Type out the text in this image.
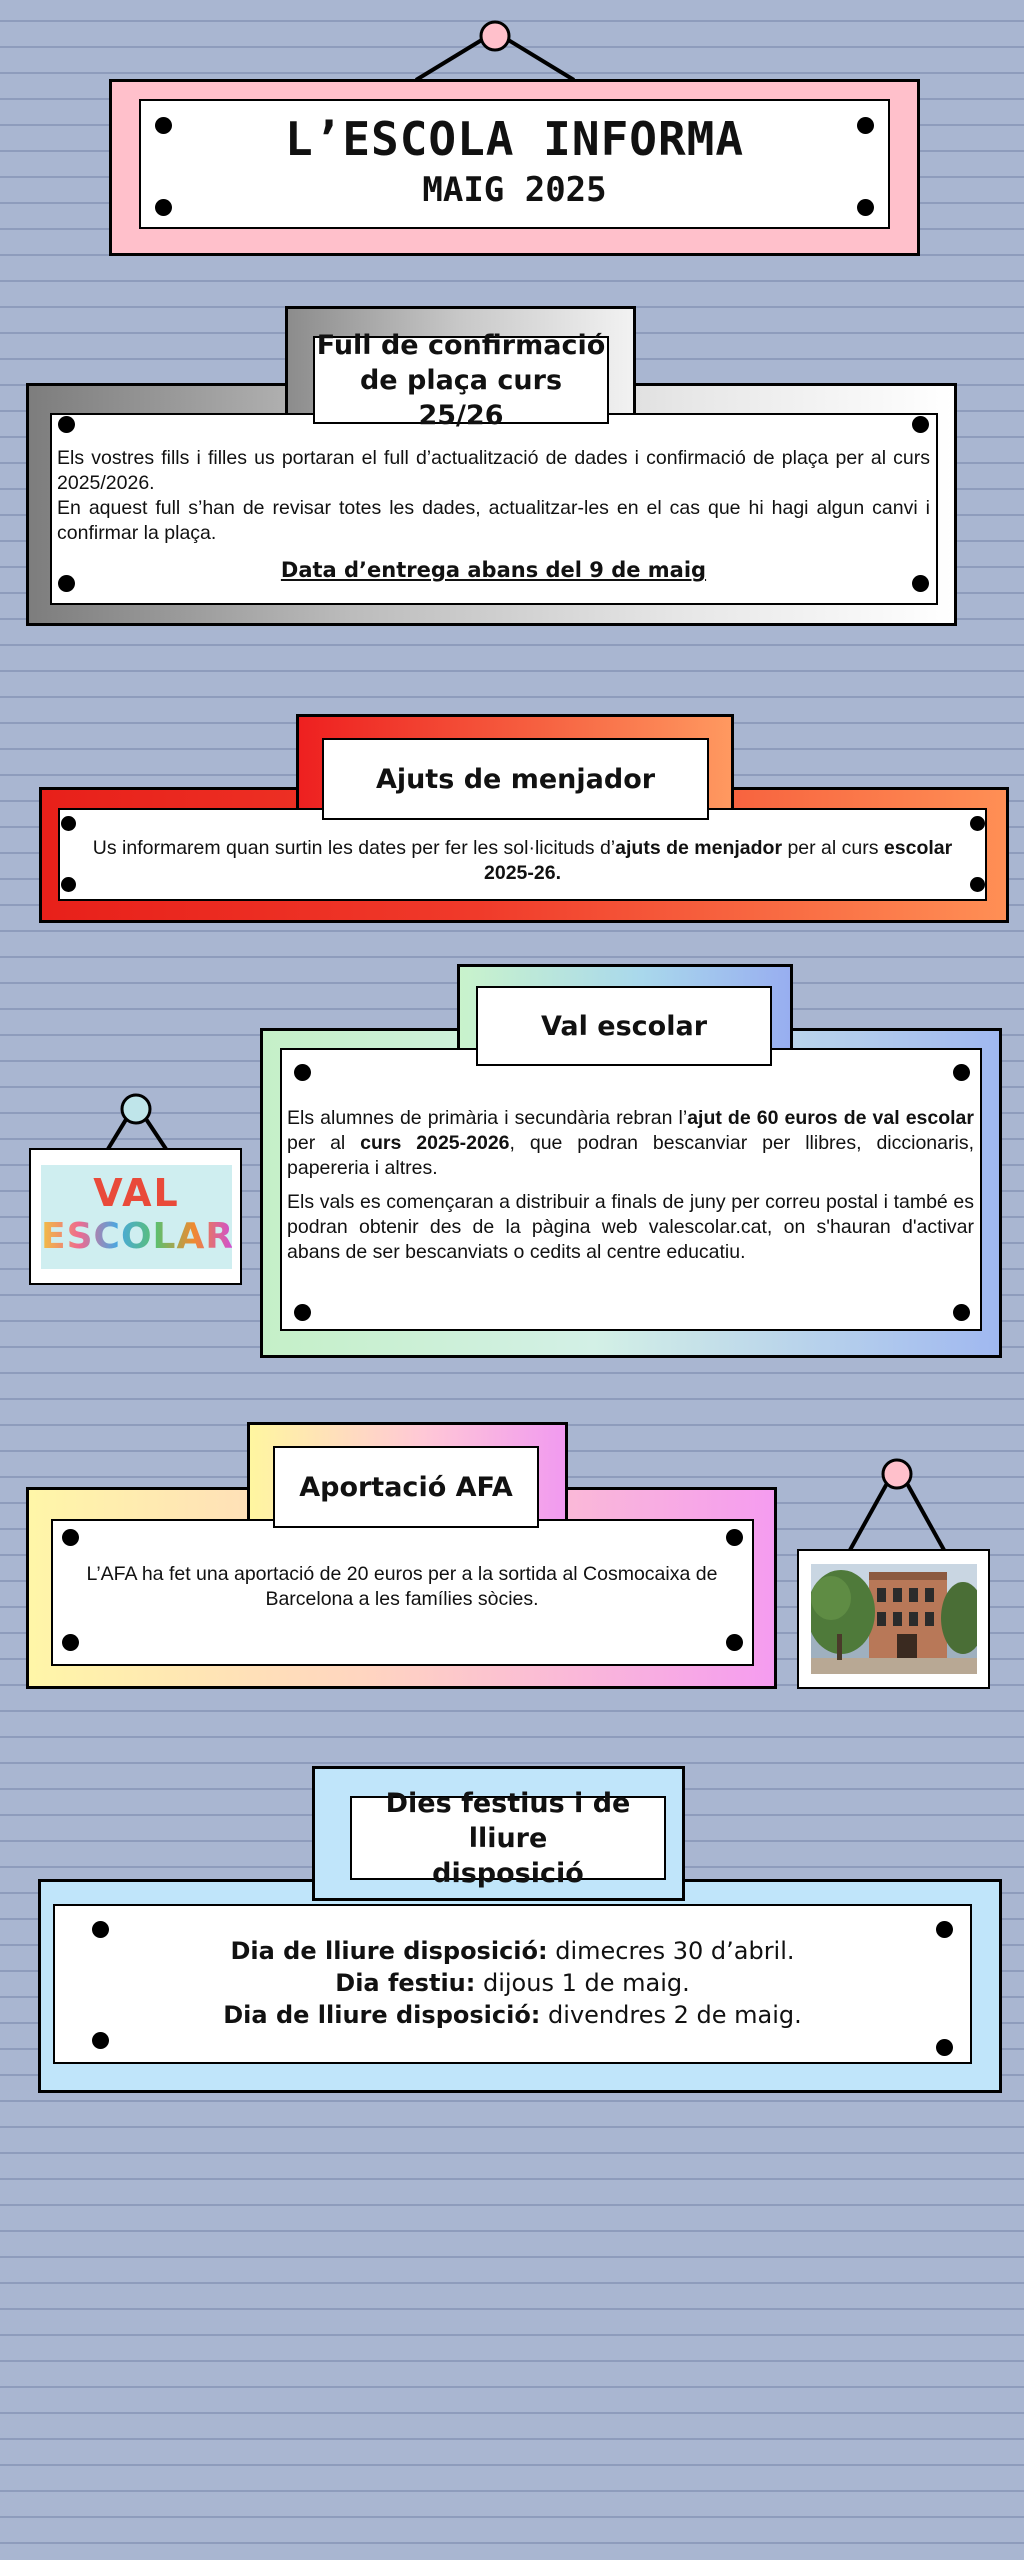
L’ESCOLA INFORMA
MAIG 2025
Full de confirmació
de plaça curs 25/26
Els vostres fills i filles us portaran el full d’actualització de dades i confirmació de plaça per al curs 2025/2026.
En aquest full s’han de revisar totes les dades, actualitzar-les en el cas que hi hagi algun canvi i confirmar la plaça.
Data d’entrega abans del 9 de maig
Ajuts de menjador
Us informarem quan surtin les dates per fer les sol·licituds d’ajuts de menjador per al curs escolar 2025-26.
VAL
ESCOLAR
Val escolar
Els alumnes de primària i secundària rebran l’ajut de 60 euros de val escolar per al curs 2025-2026, que podran bescanviar per llibres, diccionaris, papereria i altres.
Els vals es començaran a distribuir a finals de juny per correu postal i també es podran obtenir des de la pàgina web valescolar.cat, on s'hauran d'activar abans de ser bescanviats o cedits al centre educatiu.
Aportació AFA
L’AFA ha fet una aportació de 20 euros per a la sortida al Cosmocaixa de Barcelona a les famílies sòcies.
Dies festius i de lliure
disposició
Dia de lliure disposició: dimecres 30 d’abril.
Dia festiu: dijous 1 de maig.
Dia de lliure disposició: divendres 2 de maig.
